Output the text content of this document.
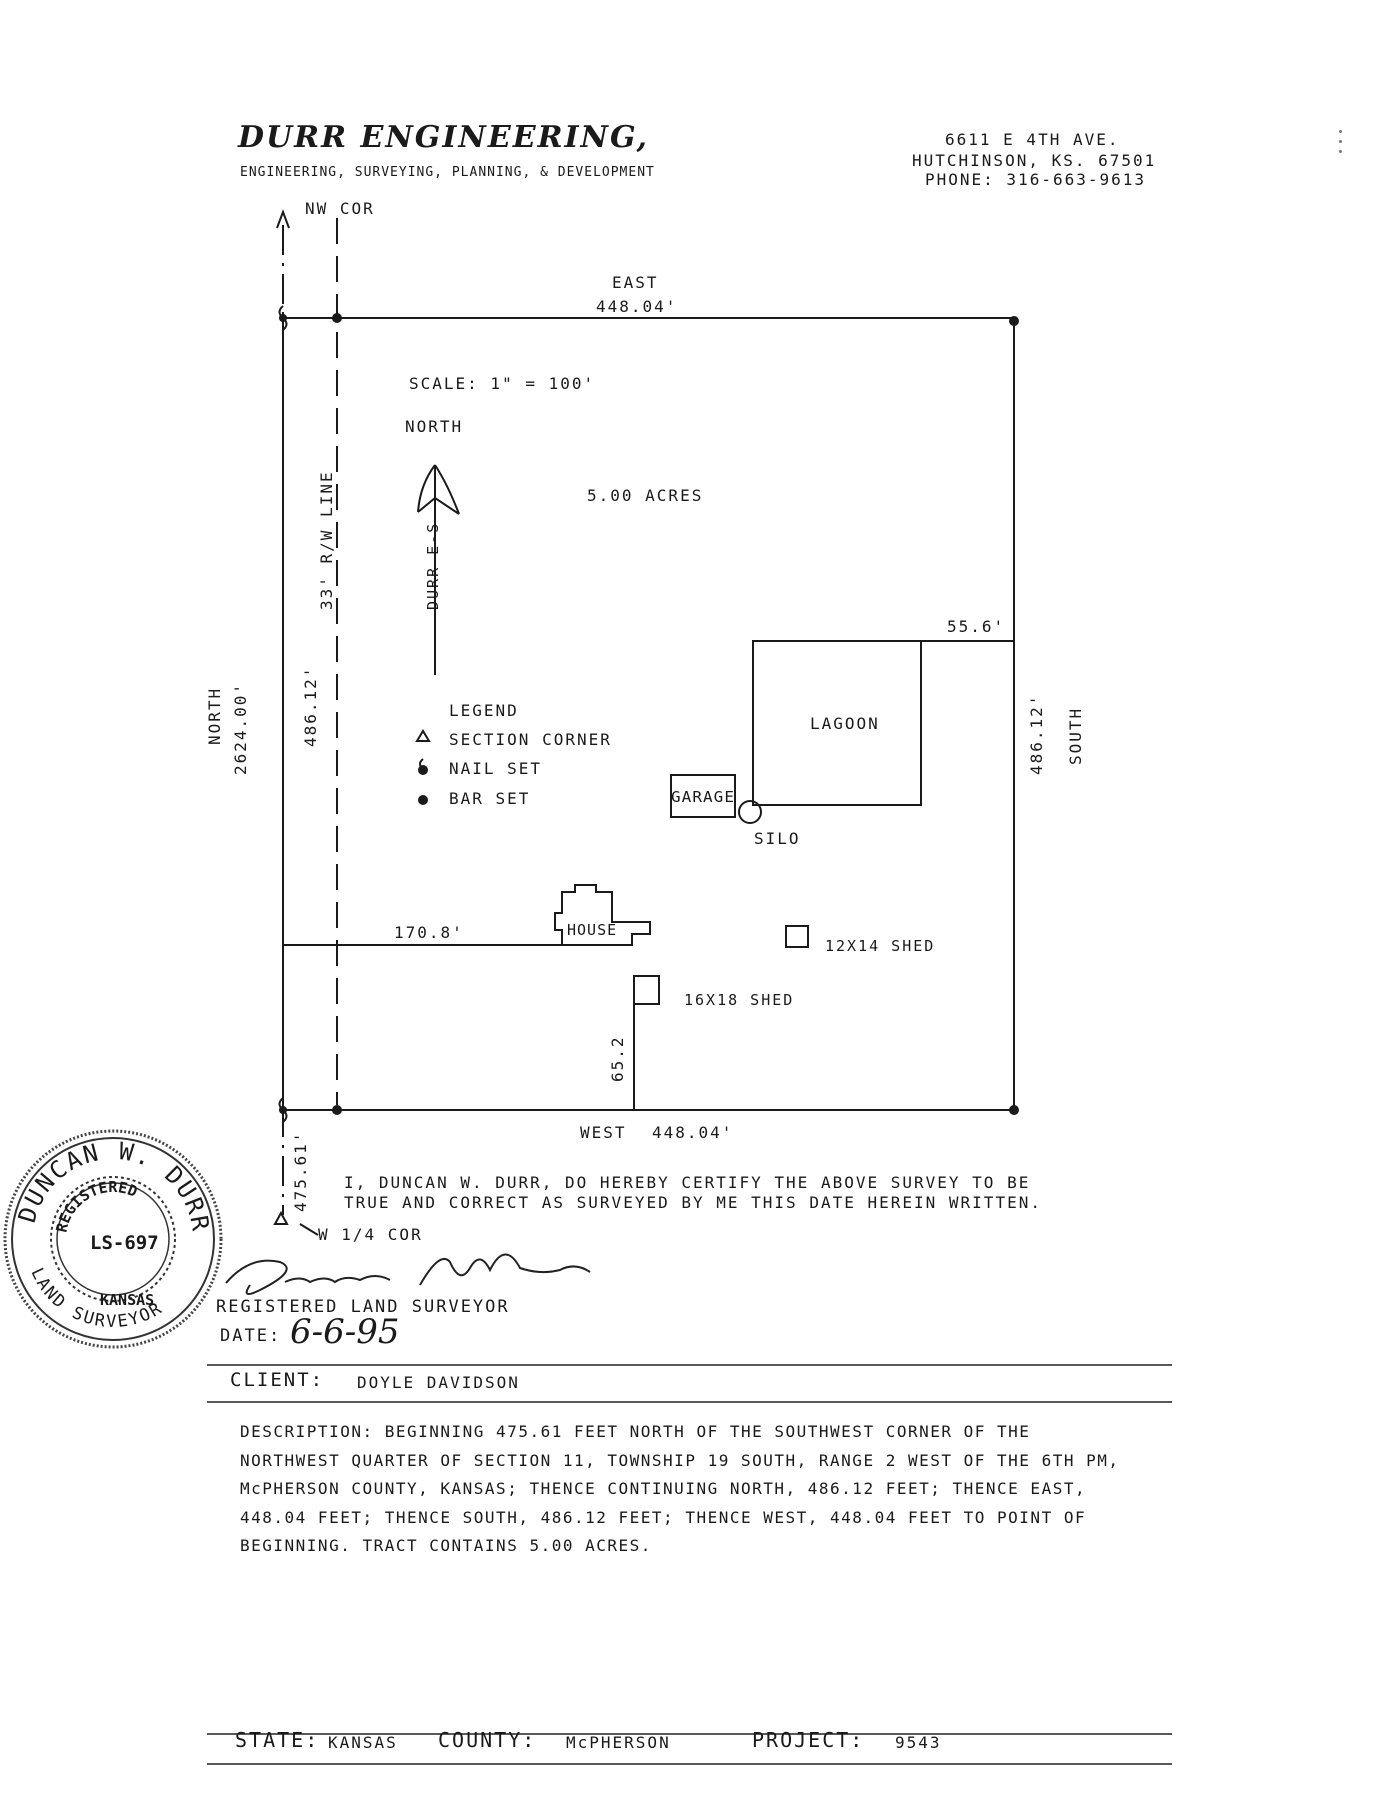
DURR ENGINEERING,
ENGINEERING, SURVEYING, PLANNING, & DEVELOPMENT
6611 E 4TH AVE.
HUTCHINSON, KS. 67501
PHONE: 316-663-9613
NW COR
EAST
448.04'
SCALE: 1" = 100'
NORTH
5.00 ACRES
55.6'
LAGOON
GARAGE
SILO
HOUSE
170.8'
12X14 SHED
16X18 SHED
WEST 448.04'
W 1/4 COR
LEGEND
SECTION CORNER
NAIL SET
BAR SET
33' R/W LINE
486.12'
DURR E-S
NORTH 2624.00'	486.12' SOUTH
65.2
475.61'
DUNCAN W. DURR
REGISTERED
LS-697
KANSAS
LAND SURVEYOR
I, DUNCAN W. DURR, DO HEREBY CERTIFY THE ABOVE SURVEY TO BE
TRUE AND CORRECT AS SURVEYED BY ME THIS DATE HEREIN WRITTEN.
REGISTERED LAND SURVEYOR
DATE: 6-6-95
CLIENT: DOYLE DAVIDSON
DESCRIPTION: BEGINNING 475.61 FEET NORTH OF THE SOUTHWEST CORNER OF THE NORTHWEST QUARTER OF SECTION 11, TOWNSHIP 19 SOUTH, RANGE 2 WEST OF THE 6TH PM, McPHERSON COUNTY, KANSAS; THENCE CONTINUING NORTH, 486.12 FEET; THENCE EAST, 448.04 FEET; THENCE SOUTH, 486.12 FEET; THENCE WEST, 448.04 FEET TO POINT OF BEGINNING. TRACT CONTAINS 5.00 ACRES.
STATE: KANSAS COUNTY: McPHERSON	PROJECT: 9543
